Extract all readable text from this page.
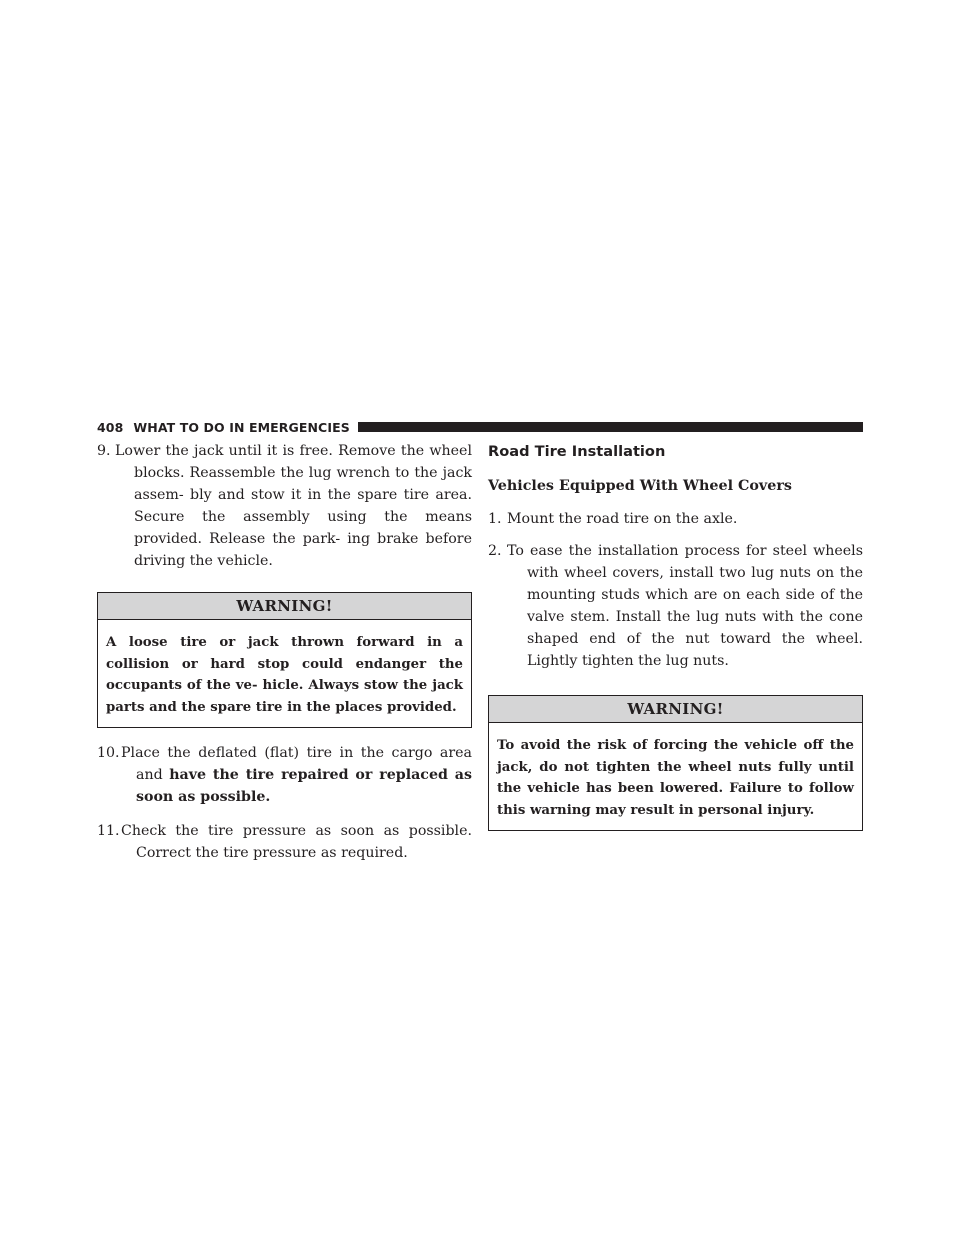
408 WHAT TO DO IN EMERGENCIES

9. Lower the jack until it is free. Remove the wheel blocks. Reassemble the lug wrench to the jack assem- bly and stow it in the spare tire area. Secure the assembly using the means provided. Release the park- ing brake before driving the vehicle.

WARNING!
A loose tire or jack thrown forward in a collision or hard stop could endanger the occupants of the ve- hicle. Always stow the jack parts and the spare tire in the places provided.

10.Place the deflated (flat) tire in the cargo area and have the tire repaired or replaced as soon as possible.

11.Check the tire pressure as soon as possible. Correct the tire pressure as required.

Road Tire Installation
Vehicles Equipped With Wheel Covers

1. Mount the road tire on the axle.

2. To ease the installation process for steel wheels with wheel covers, install two lug nuts on the mounting studs which are on each side of the valve stem. Install the lug nuts with the cone shaped end of the nut toward the wheel. Lightly tighten the lug nuts.

WARNING!
To avoid the risk of forcing the vehicle off the jack, do not tighten the wheel nuts fully until the vehicle has been lowered. Failure to follow this warning may result in personal injury.
